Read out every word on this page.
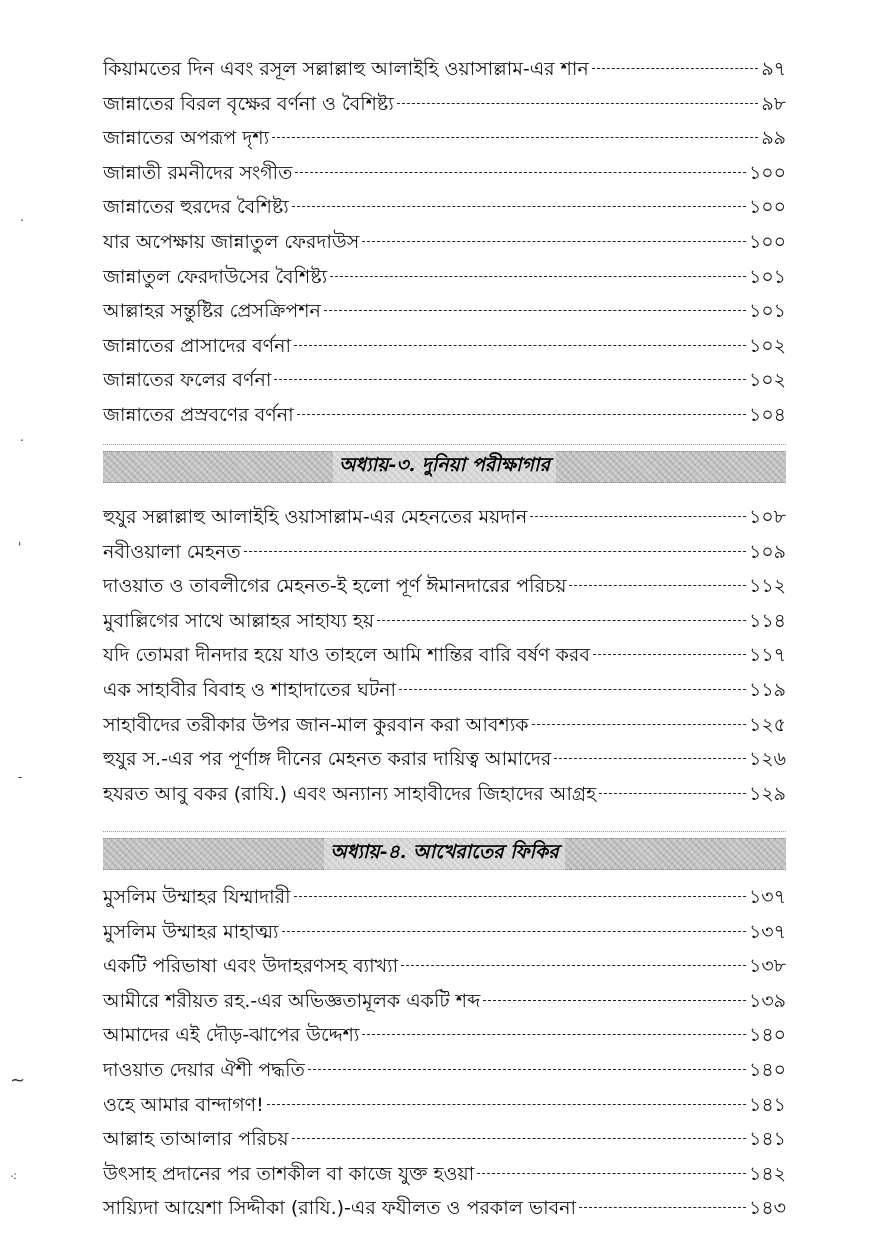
কিয়ামতের দিন এবং রসূল সল্লাল্লাহু আলাইহি ওয়াসাল্লাম-এর শান	৯৭
জান্নাতের বিরল বৃক্ষের বর্ণনা ও বৈশিষ্ট্য	৯৮
জান্নাতের অপরূপ দৃশ্য	৯৯
জান্নাতী রমনীদের সংগীত	১০০
জান্নাতের হুরদের বৈশিষ্ট্য	১০০
যার অপেক্ষায় জান্নাতুল ফেরদাউস	১০০
জান্নাতুল ফেরদাউসের বৈশিষ্ট্য	১০১
আল্লাহর সন্তুষ্টির প্রেসক্রিপশন	১০১
জান্নাতের প্রাসাদের বর্ণনা	১০২
জান্নাতের ফলের বর্ণনা	১০২
জান্নাতের প্রস্রবণের বর্ণনা	১০৪
অধ্যায়-৩. দুনিয়া পরীক্ষাগার
হুযুর সল্লাল্লাহু আলাইহি ওয়াসাল্লাম-এর মেহনতের ময়দান	১০৮
নবীওয়ালা মেহনত	১০৯
দাওয়াত ও তাবলীগের মেহনত-ই হলো পূর্ণ ঈমানদারের পরিচয়	১১২
মুবাল্লিগের সাথে আল্লাহর সাহায্য হয়	১১৪
যদি তোমরা দীনদার হয়ে যাও তাহলে আমি শান্তির বারি বর্ষণ করব	১১৭
এক সাহাবীর বিবাহ ও শাহাদাতের ঘটনা	১১৯
সাহাবীদের তরীকার উপর জান-মাল কুরবান করা আবশ্যক	১২৫
হুযুর স.-এর পর পূর্ণাঙ্গ দীনের মেহনত করার দায়িত্ব আমাদের	১২৬
হযরত আবু বকর (রাযি.) এবং অন্যান্য সাহাবীদের জিহাদের আগ্রহ	১২৯
অধ্যায়-৪. আখেরাতের ফিকির
মুসলিম উম্মাহর যিম্মাদারী	১৩৭
মুসলিম উম্মাহর মাহাত্ম্য	১৩৭
একটি পরিভাষা এবং উদাহরণসহ ব্যাখ্যা	১৩৮
আমীরে শরীয়ত রহ.-এর অভিজ্ঞতামূলক একটি শব্দ	১৩৯
আমাদের এই দৌড়-ঝাপের উদ্দেশ্য	১৪০
দাওয়াত দেয়ার ঐশী পদ্ধতি	১৪০
ওহে আমার বান্দাগণ!	১৪১
আল্লাহ তাআলার পরিচয়	১৪১
উৎসাহ প্রদানের পর তাশকীল বা কাজে যুক্ত হওয়া	১৪২
সায়্যিদা আয়েশা সিদ্দীকা (রাযি.)-এর ফযীলত ও পরকাল ভাবনা	১৪৩
.
.
'
-
~
⁖
